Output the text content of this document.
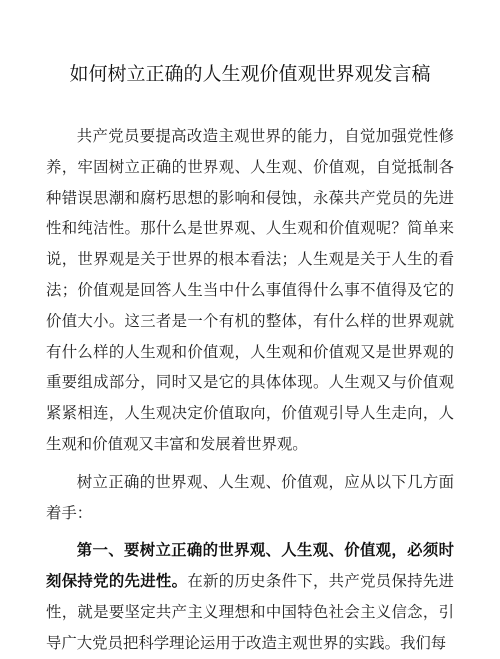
如何树立正确的人生观价值观世界观发言稿

共产党员要提高改造主观世界的能力，自觉加强党性修养，牢固树立正确的世界观、人生观、价值观，自觉抵制各种错误思潮和腐朽思想的影响和侵蚀，永葆共产党员的先进性和纯洁性。那什么是世界观、人生观和价值观呢？简单来说，世界观是关于世界的根本看法；人生观是关于人生的看法；价值观是回答人生当中什么事值得什么事不值得及它的价值大小。这三者是一个有机的整体，有什么样的世界观就有什么样的人生观和价值观，人生观和价值观又是世界观的重要组成部分，同时又是它的具体体现。人生观又与价值观紧紧相连，人生观决定价值取向，价值观引导人生走向，人生观和价值观又丰富和发展着世界观。

树立正确的世界观、人生观、价值观，应从以下几方面着手：

第一、要树立正确的世界观、人生观、价值观，必须时刻保持党的先进性。在新的历史条件下，共产党员保持先进性，就是要坚定共产主义理想和中国特色社会主义信念，引导广大党员把科学理论运用于改造主观世界的实践。我们每
